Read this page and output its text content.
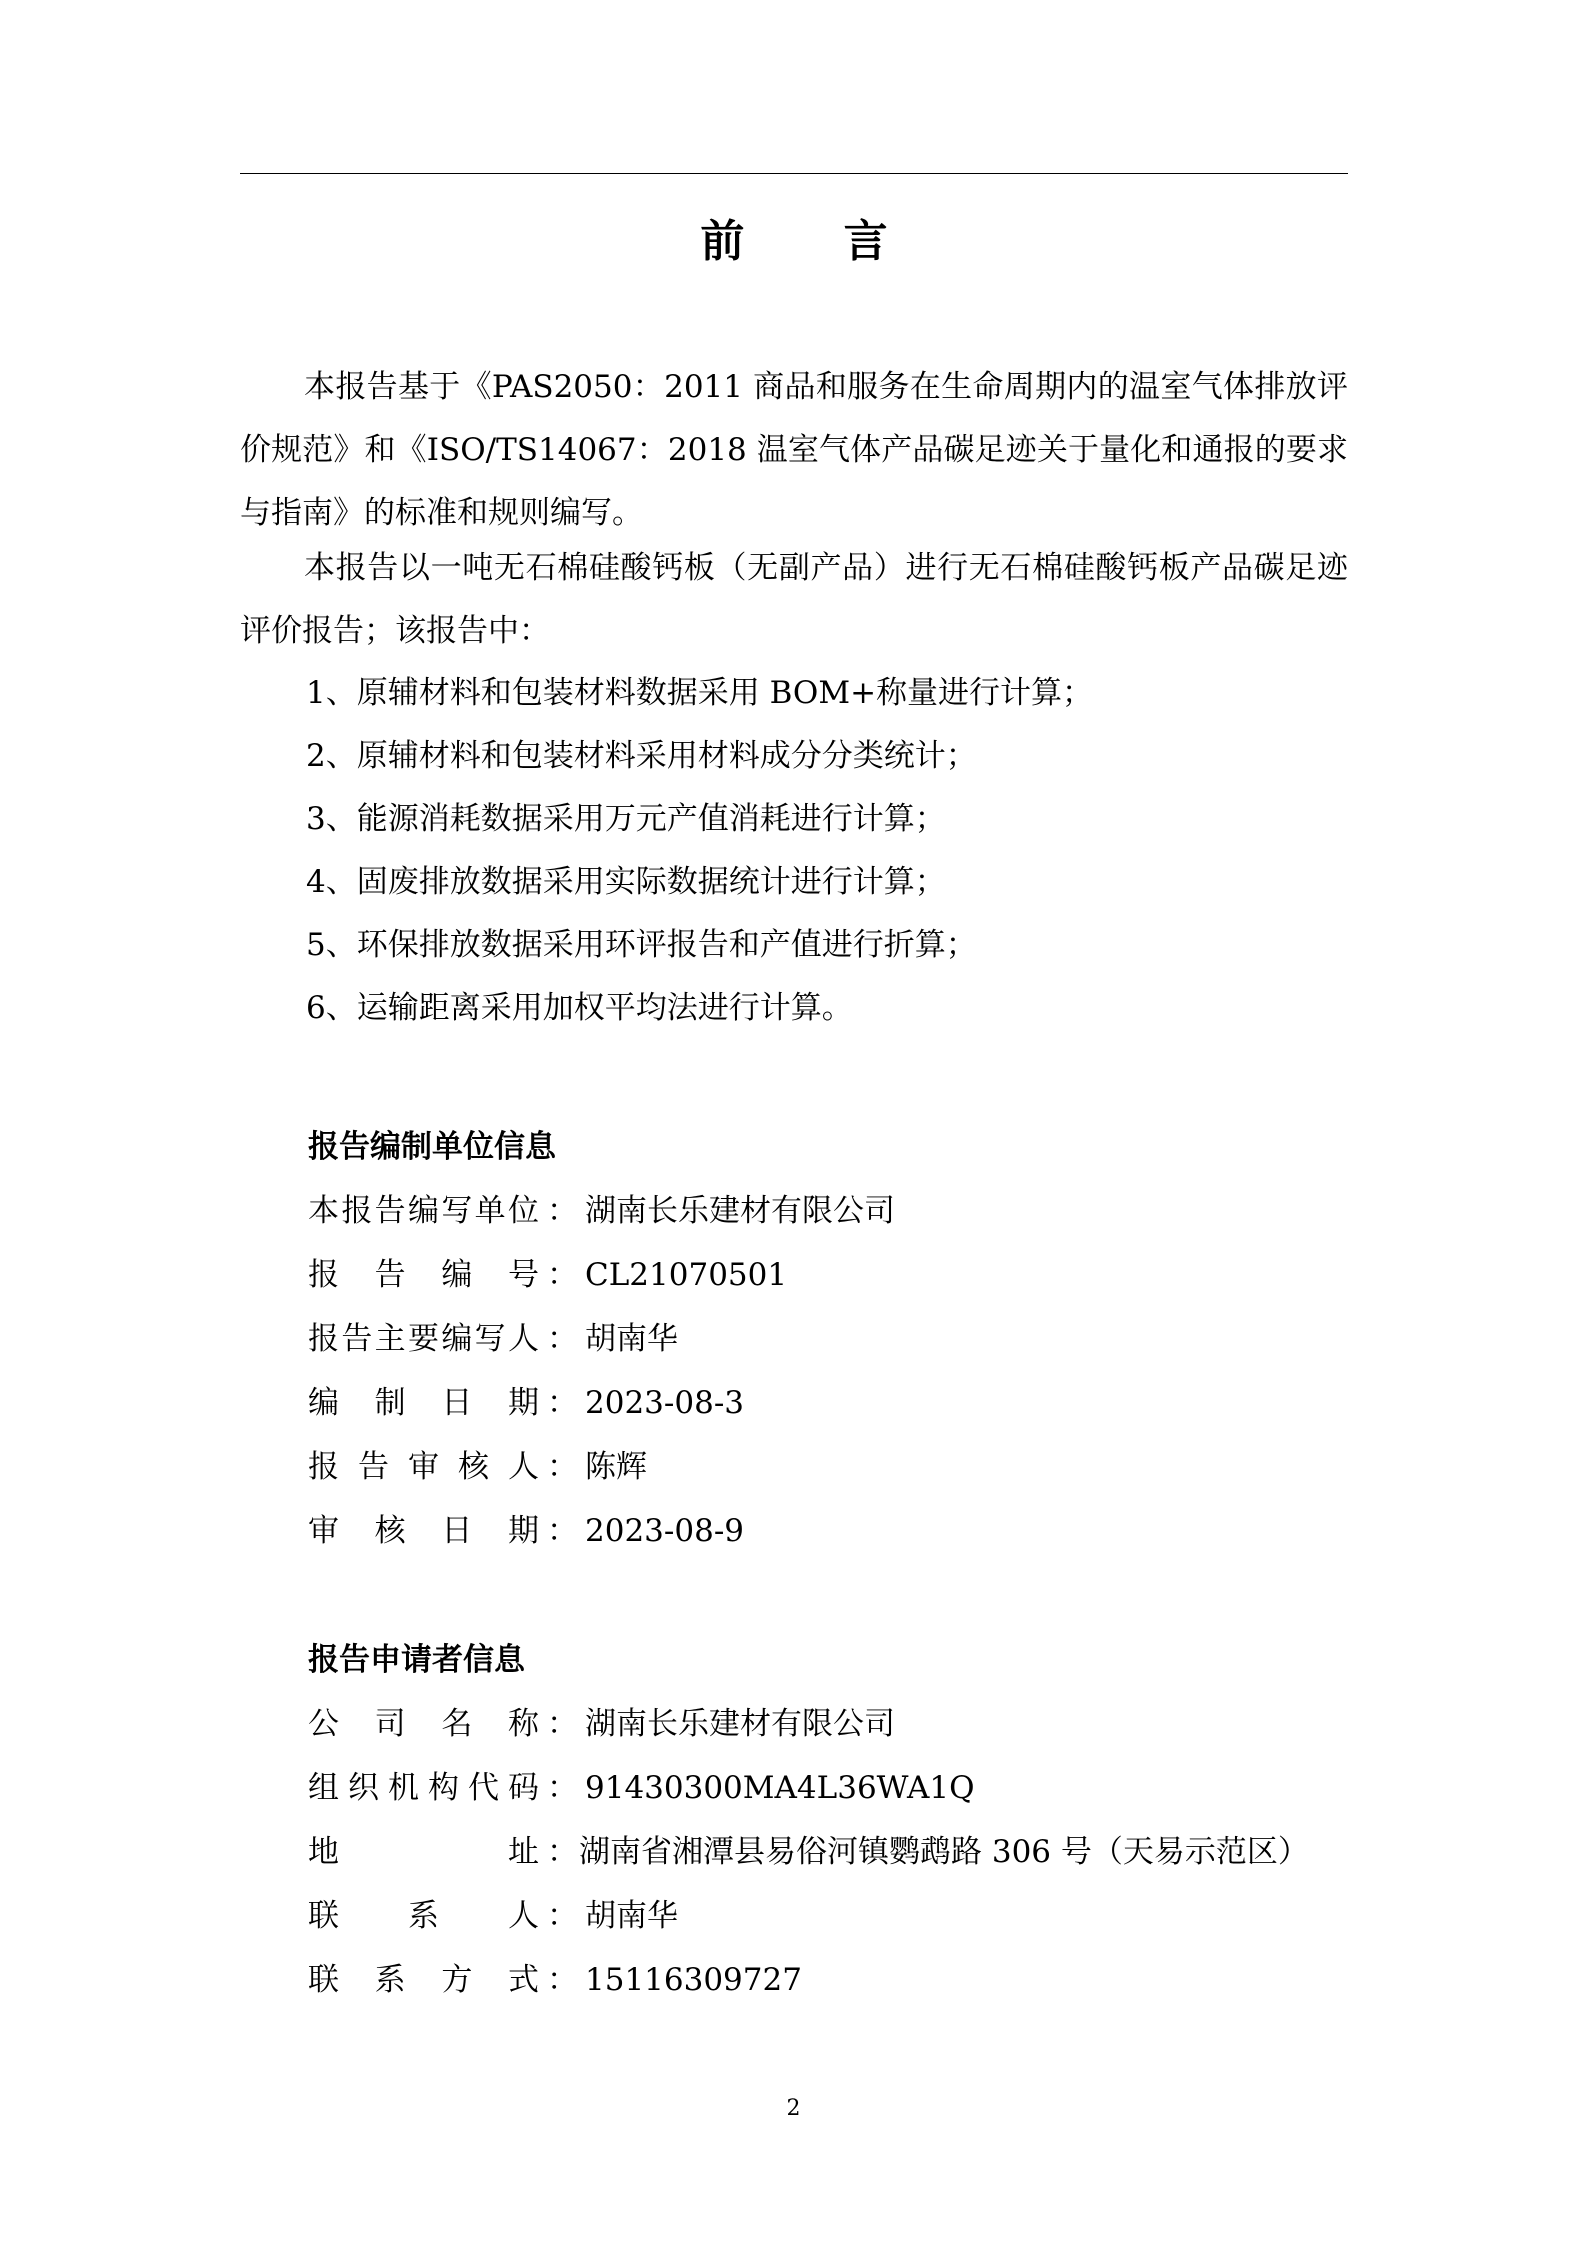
前 言
本报告基于《PAS2050：2011 商品和服务在生命周期内的温室气体排放评价规范》和《ISO/TS14067：2018 温室气体产品碳足迹关于量化和通报的要求与指南》的标准和规则编写。
本报告以一吨无石棉硅酸钙板（无副产品）进行无石棉硅酸钙板产品碳足迹评价报告；该报告中：
1、原辅材料和包装材料数据采用 BOM+称量进行计算；
2、原辅材料和包装材料采用材料成分分类统计；
3、能源消耗数据采用万元产值消耗进行计算；
4、固废排放数据采用实际数据统计进行计算；
5、环保排放数据采用环评报告和产值进行折算；
6、运输距离采用加权平均法进行计算。
报告编制单位信息
本 报 告 编 写 单 位 ： 湖南长乐建材有限公司
报 告 编 号 ： CL21070501
报 告 主 要 编 写 人 ： 胡南华
编 制 日 期 ： 2023-08-3
报 告 审 核 人 ： 陈辉
审 核 日 期 ： 2023-08-9
报告申请者信息
公 司 名 称 ： 湖南长乐建材有限公司
组 织 机 构 代 码 ： 91430300MA4L36WA1Q
地	址 ： 湖南省湘潭县易俗河镇鹦鹉路 306 号（天易示范区）
联 系 人 ： 胡南华
联 系 方 式 ： 15116309727
2
